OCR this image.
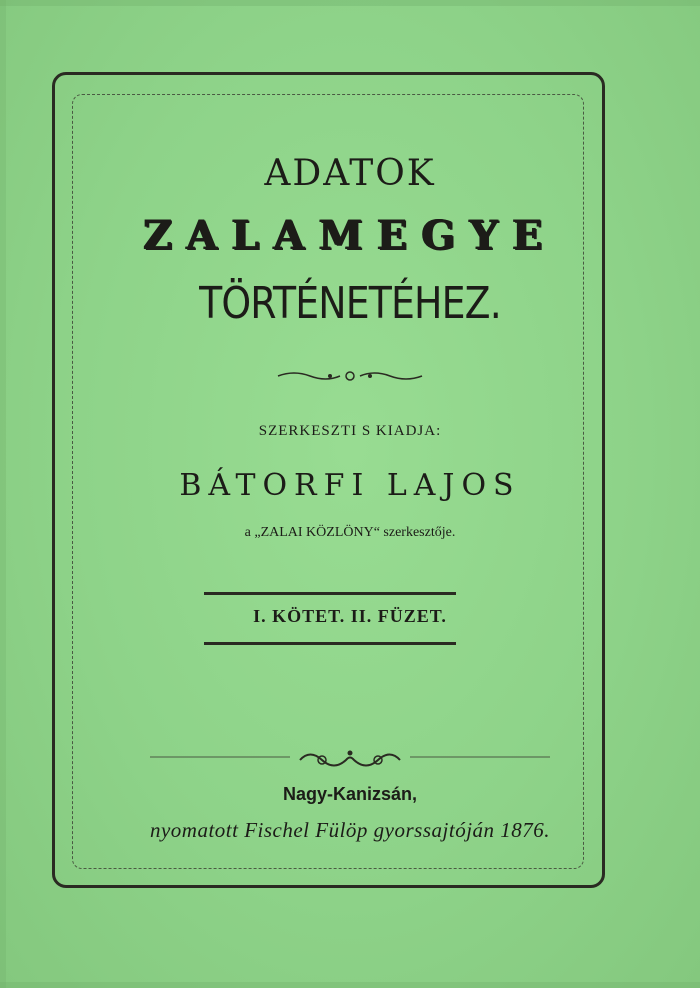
ADATOK
ZALAMEGYE
TÖRTÉNETÉHEZ.
SZERKESZTI S KIADJA:
BÁTORFI LAJOS
a „ZALAI KÖZLÖNY“ szerkesztője.
I. KÖTET. II. FÜZET.
Nagy-Kanizsán,
nyomatott Fischel Fülöp gyorssajtóján 1876.
